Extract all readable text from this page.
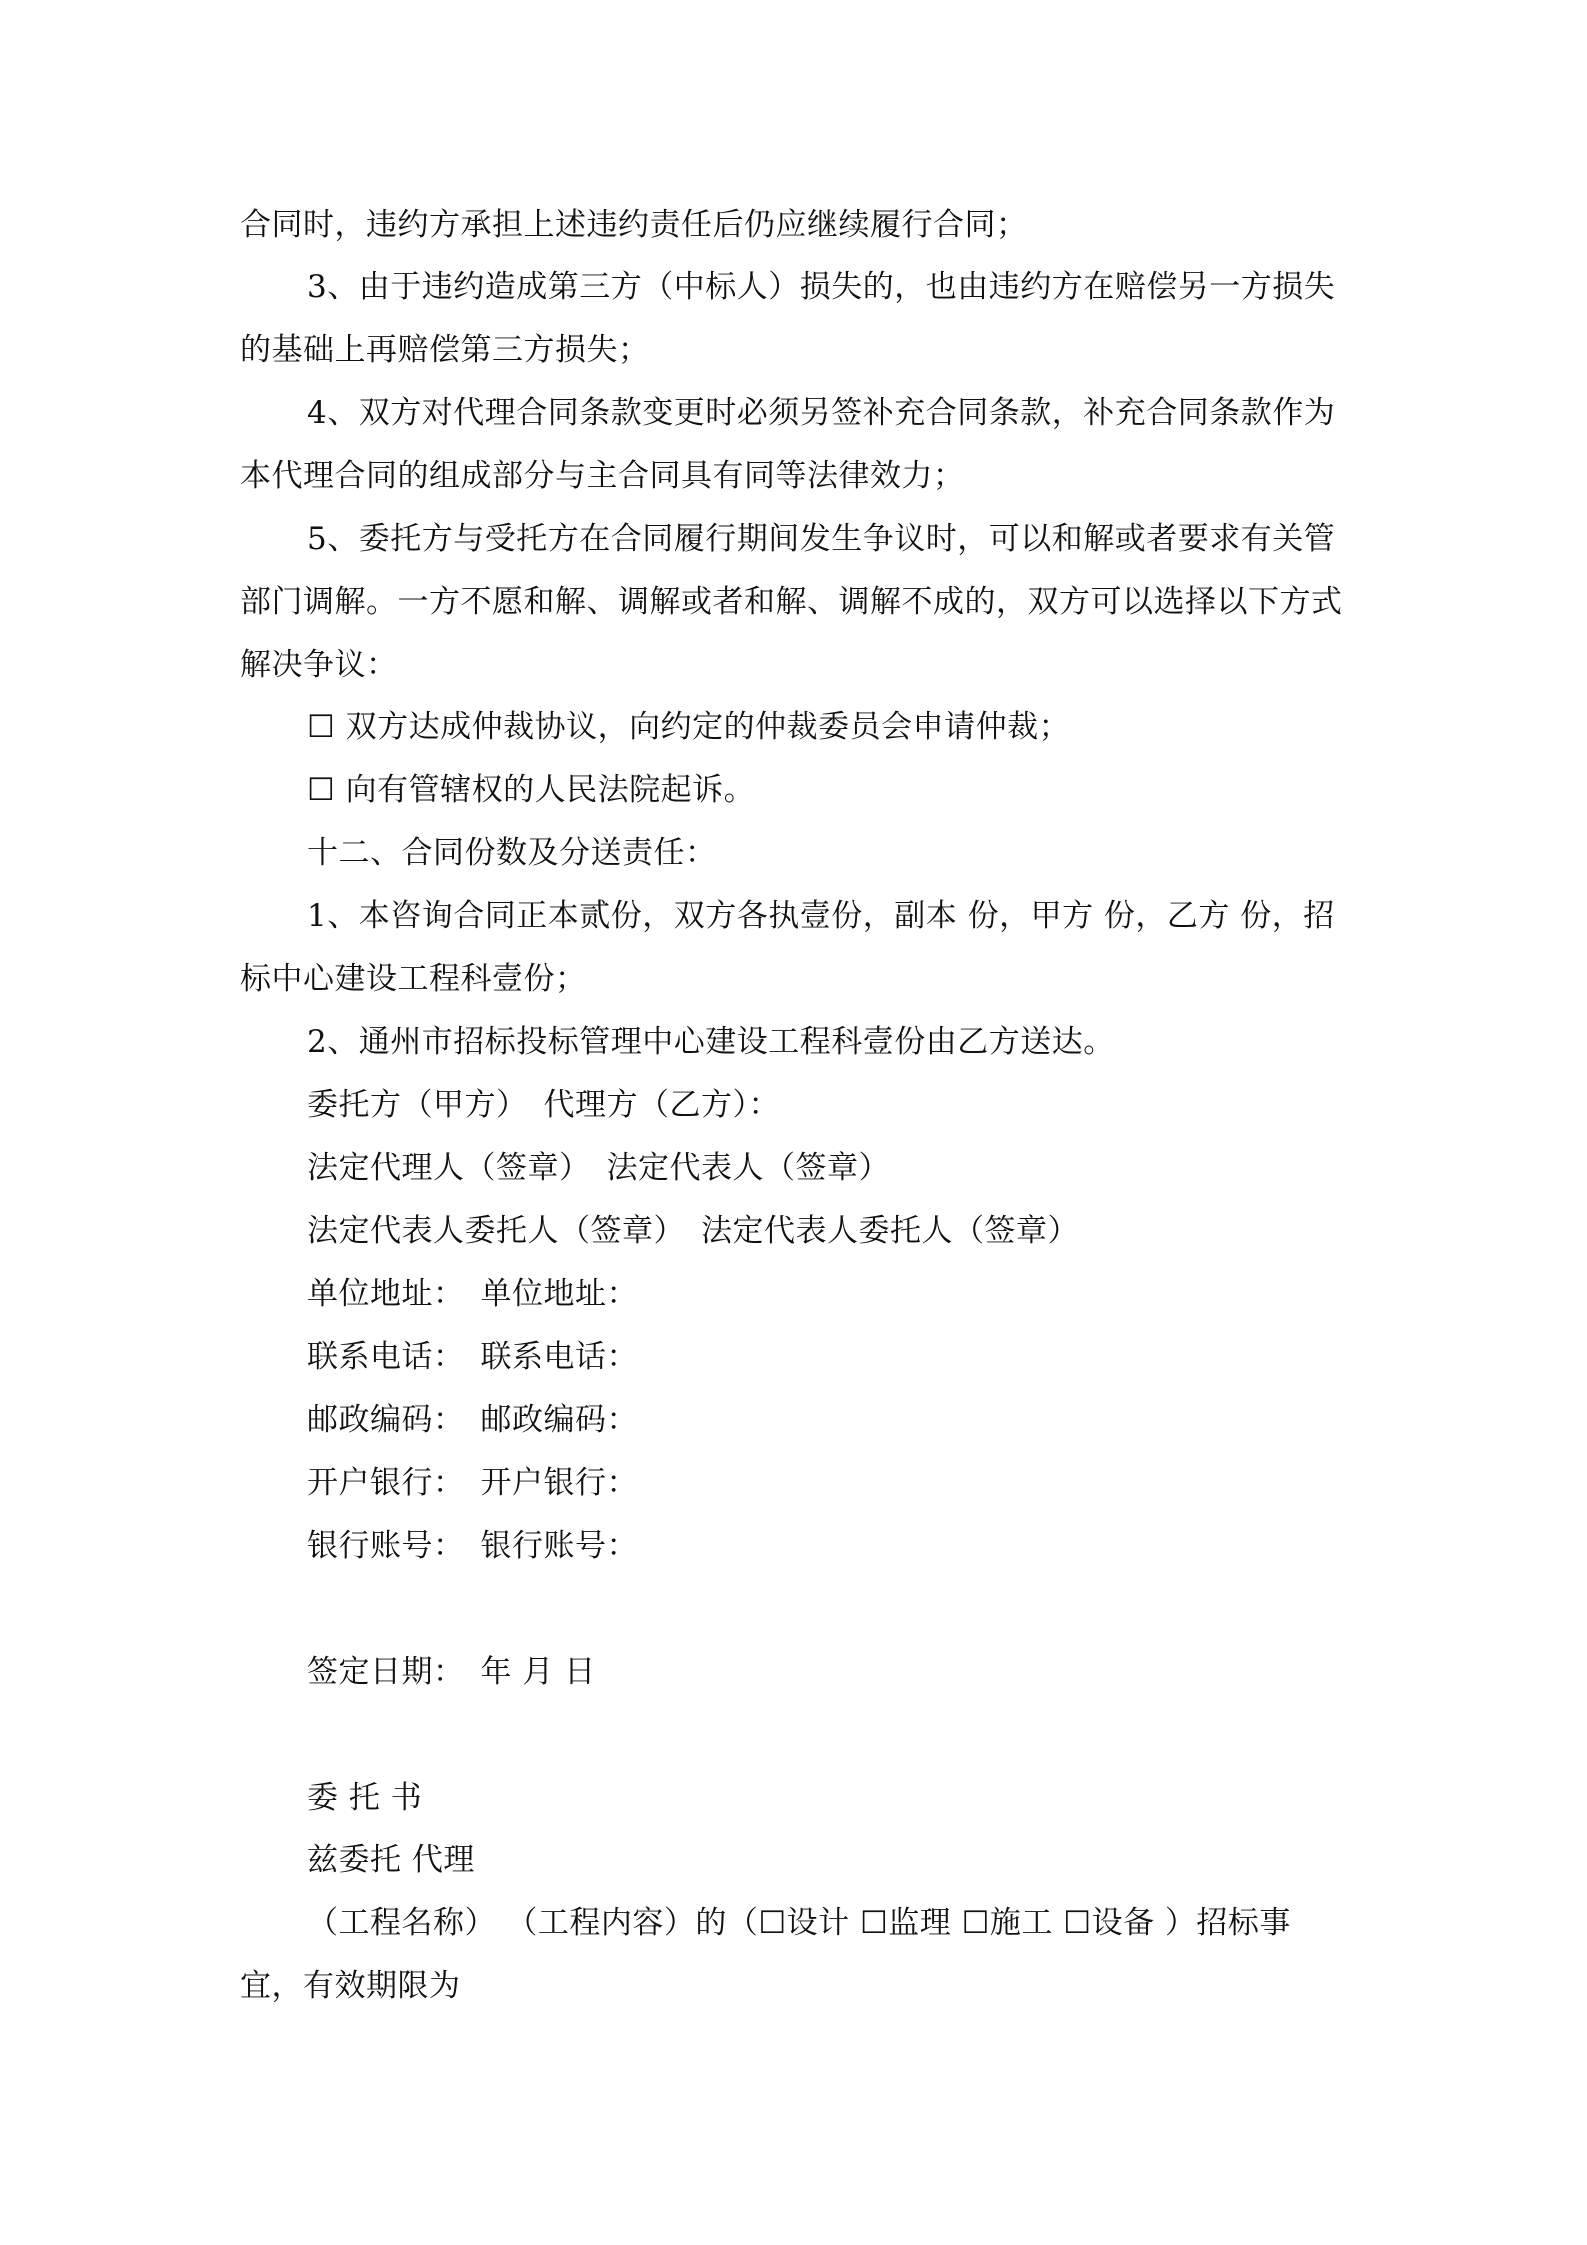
合同时，违约方承担上述违约责任后仍应继续履行合同；
3、由于违约造成第三方（中标人）损失的，也由违约方在赔偿另一方损失
的基础上再赔偿第三方损失；
4、双方对代理合同条款变更时必须另签补充合同条款，补充合同条款作为
本代理合同的组成部分与主合同具有同等法律效力；
5、委托方与受托方在合同履行期间发生争议时，可以和解或者要求有关管
部门调解。一方不愿和解、调解或者和解、调解不成的，双方可以选择以下方式
解决争议：
☐ 双方达成仲裁协议，向约定的仲裁委员会申请仲裁；
☐ 向有管辖权的人民法院起诉。
十二、合同份数及分送责任：
1、本咨询合同正本贰份，双方各执壹份，副本 份，甲方 份，乙方 份，招
标中心建设工程科壹份；
2、通州市招标投标管理中心建设工程科壹份由乙方送达。
委托方（甲方） 代理方（乙方）：
法定代理人（签章） 法定代表人（签章）
法定代表人委托人（签章） 法定代表人委托人（签章）
单位地址： 单位地址：
联系电话： 联系电话：
邮政编码： 邮政编码：
开户银行： 开户银行：
银行账号： 银行账号：
签定日期： 年 月 日
委 托 书
兹委托 代理
（工程名称） （工程内容）的（☐设计 ☐监理 ☐施工 ☐设备 ）招标事
宜，有效期限为
